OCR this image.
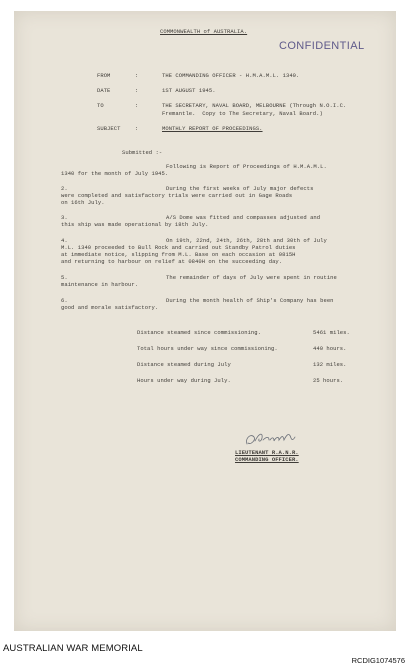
COMMONWEALTH of AUSTRALIA.
CONFIDENTIAL
FROM	:	THE COMMANDING OFFICER - H.M.A.M.L. 1340.
DATE	:	1ST AUGUST 1945.
TO	:	THE SECRETARY, NAVAL BOARD, MELBOURNE (Through N.O.I.C.
Fremantle.  Copy to The Secretary, Naval Board.)
SUBJECT	:	MONTHLY REPORT OF PROCEEDINGS.
Submitted :-
Following is Report of Proceedings of H.M.A.M.L.
1340 for the month of July 1945.
2.	During the first weeks of July major defects
were completed and satisfactory trials were carried out in Gage Roads
on 16th July.
3.	A/S Dome was fitted and compasses adjusted and
this ship was made operational by 18th July.
4.	On 19th, 22nd, 24th, 26th, 28th and 30th of July
M.L. 1340 proceeded to Bull Rock and carried out Standby Patrol duties
at immediate notice, slipping from M.L. Base on each occasion at 0815H
and returning to harbour on relief at 0840H on the succeeding day.
5.	The remainder of days of July were spent in routine
maintenance in harbour.
6.	During the month health of Ship's Company has been
good and morale satisfactory.
Distance steamed since commissioning.	5461 miles.
Total hours under way since commissioning.	440 hours.
Distance steamed during July	132 miles.
Hours under way during July.	25 hours.
LIEUTENANT R.A.N.R.
COMMANDING OFFICER.
AUSTRALIAN WAR MEMORIAL
RCDIG1074576
